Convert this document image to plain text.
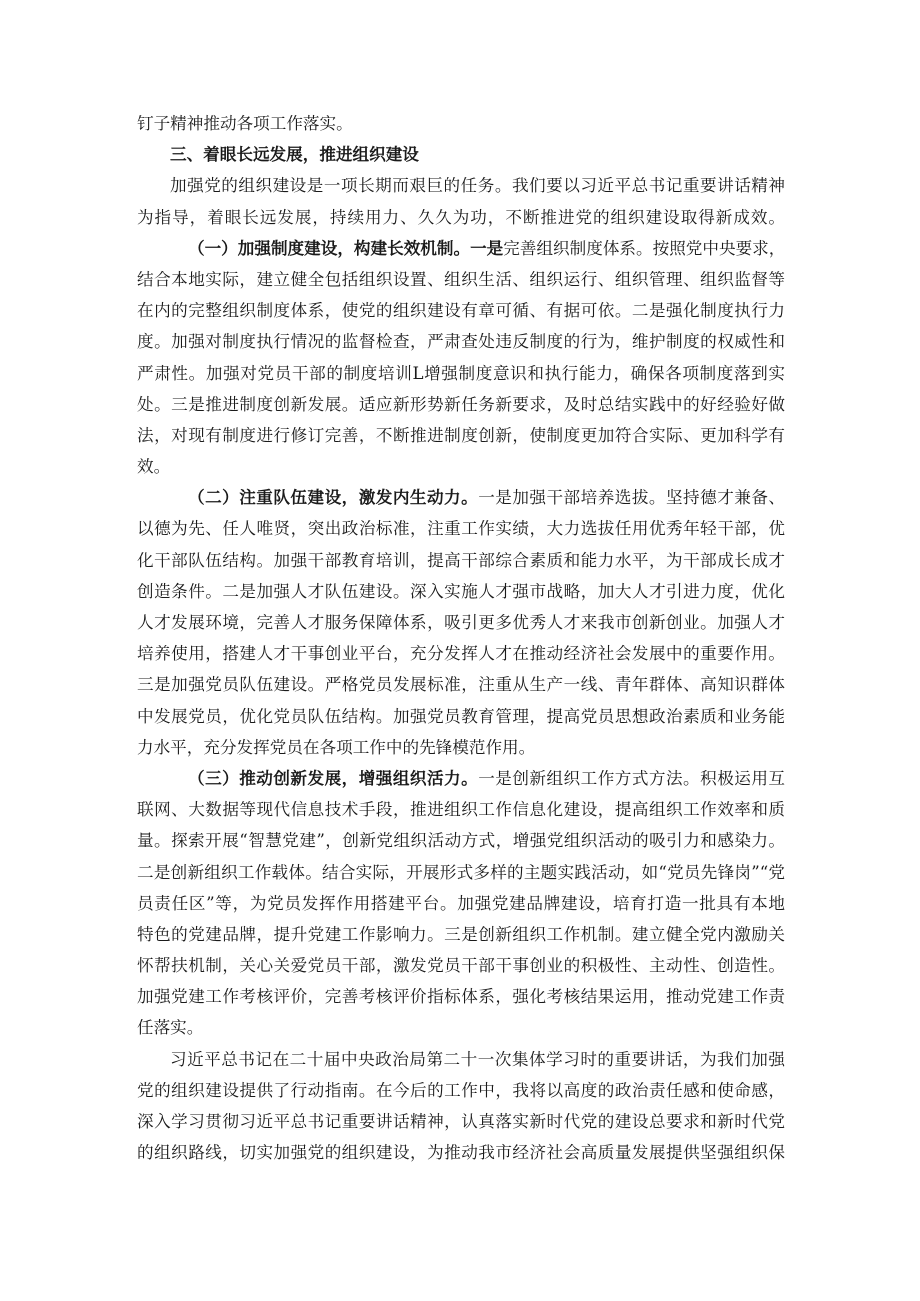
钉子精神推动各项工作落实。
三、着眼长远发展，推进组织建设
加强党的组织建设是一项长期而艰巨的任务。我们要以习近平总书记重要讲话精神
为指导，着眼长远发展，持续用力、久久为功，不断推进党的组织建设取得新成效。
（一）加强制度建设，构建长效机制。一是完善组织制度体系。按照党中央要求，
结合本地实际，建立健全包括组织设置、组织生活、组织运行、组织管理、组织监督等
在内的完整组织制度体系，使党的组织建设有章可循、有据可依。二是强化制度执行力
度。加强对制度执行情况的监督检查，严肃查处违反制度的行为，维护制度的权威性和
严肃性。加强对党员干部的制度培训L增强制度意识和执行能力，确保各项制度落到实
处。三是推进制度创新发展。适应新形势新任务新要求，及时总结实践中的好经验好做
法，对现有制度进行修订完善，不断推进制度创新，使制度更加符合实际、更加科学有
效。
（二）注重队伍建设，激发内生动力。一是加强干部培养选拔。坚持德才兼备、
以德为先、任人唯贤，突出政治标准，注重工作实绩，大力选拔任用优秀年轻干部，优
化干部队伍结构。加强干部教育培训，提高干部综合素质和能力水平，为干部成长成才
创造条件。二是加强人才队伍建设。深入实施人才强市战略，加大人才引进力度，优化
人才发展环境，完善人才服务保障体系，吸引更多优秀人才来我市创新创业。加强人才
培养使用，搭建人才干事创业平台，充分发挥人才在推动经济社会发展中的重要作用。
三是加强党员队伍建设。严格党员发展标准，注重从生产一线、青年群体、高知识群体
中发展党员，优化党员队伍结构。加强党员教育管理，提高党员思想政治素质和业务能
力水平，充分发挥党员在各项工作中的先锋模范作用。
（三）推动创新发展，增强组织活力。一是创新组织工作方式方法。积极运用互
联网、大数据等现代信息技术手段，推进组织工作信息化建设，提高组织工作效率和质
量。探索开展“智慧党建”，创新党组织活动方式，增强党组织活动的吸引力和感染力。
二是创新组织工作载体。结合实际，开展形式多样的主题实践活动，如“党员先锋岗”“党
员责任区”等，为党员发挥作用搭建平台。加强党建品牌建设，培育打造一批具有本地
特色的党建品牌，提升党建工作影响力。三是创新组织工作机制。建立健全党内激励关
怀帮扶机制，关心关爱党员干部，激发党员干部干事创业的积极性、主动性、创造性。
加强党建工作考核评价，完善考核评价指标体系，强化考核结果运用，推动党建工作责
任落实。
习近平总书记在二十届中央政治局第二十一次集体学习时的重要讲话，为我们加强
党的组织建设提供了行动指南。在今后的工作中，我将以高度的政治责任感和使命感，
深入学习贯彻习近平总书记重要讲话精神，认真落实新时代党的建设总要求和新时代党
的组织路线，切实加强党的组织建设，为推动我市经济社会高质量发展提供坚强组织保
